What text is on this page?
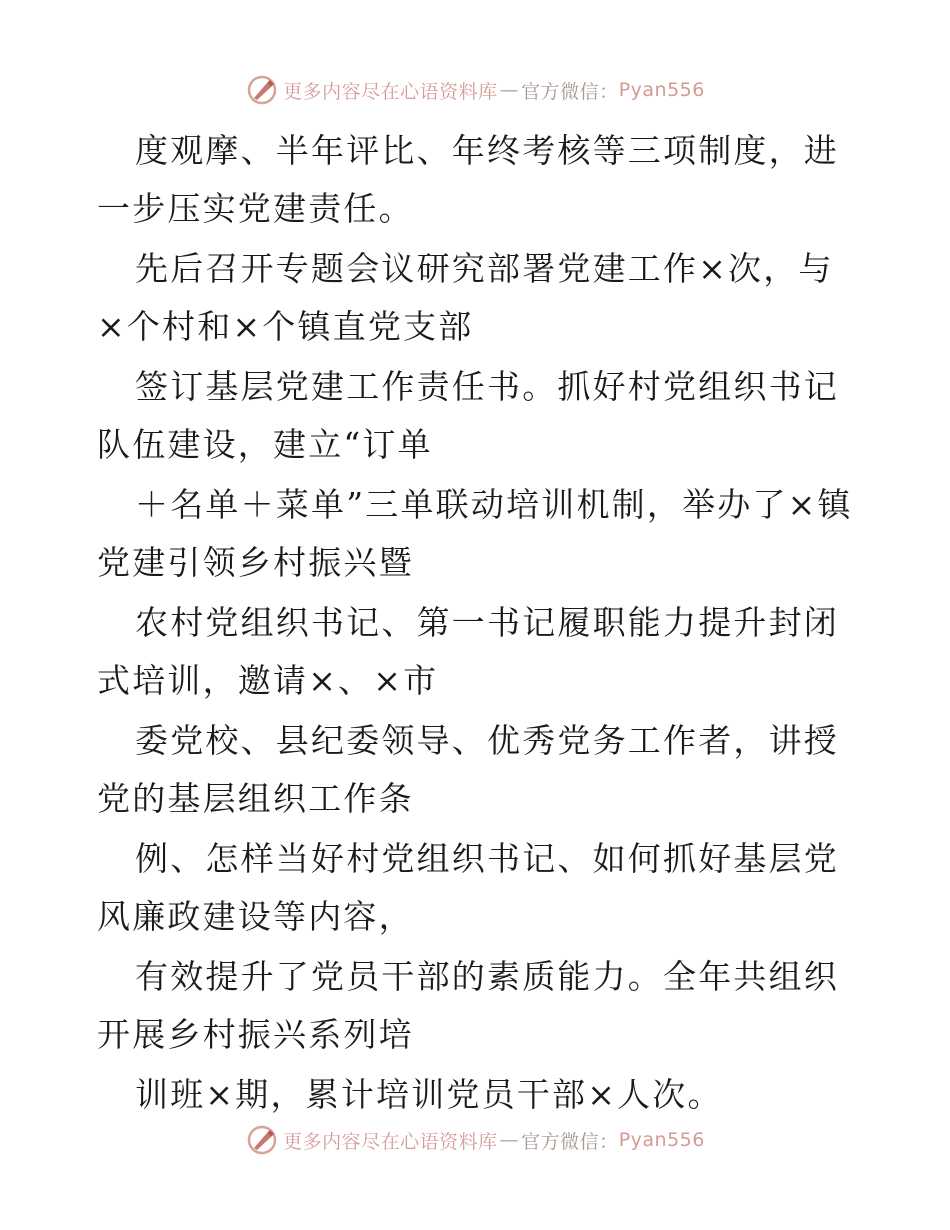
更多内容尽在心语资料库 — 官方微信： Pyan556

度观摩、半年评比、年终考核等三项制度，进一步压实党建责任。

先后召开专题会议研究部署党建工作×次，与×个村和×个镇直党支部

签订基层党建工作责任书。抓好村党组织书记队伍建设，建立“订单

＋名单＋菜单”三单联动培训机制，举办了×镇党建引领乡村振兴暨

农村党组织书记、第一书记履职能力提升封闭式培训，邀请×、×市

委党校、县纪委领导、优秀党务工作者，讲授党的基层组织工作条

例、怎样当好村党组织书记、如何抓好基层党风廉政建设等内容，

有效提升了党员干部的素质能力。全年共组织开展乡村振兴系列培

训班×期，累计培训党员干部×人次。

更多内容尽在心语资料库 — 官方微信： Pyan556
